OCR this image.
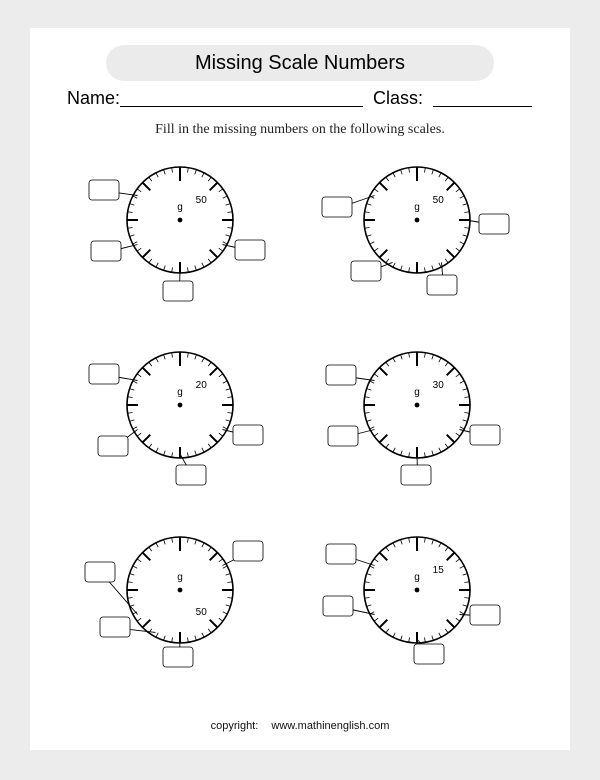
Missing Scale Numbers
Name:	Class:
Fill in the missing numbers on the following scales.
g
50
g
50
g
20
g
30
g
50
g
15
copyright: www.mathinenglish.com
